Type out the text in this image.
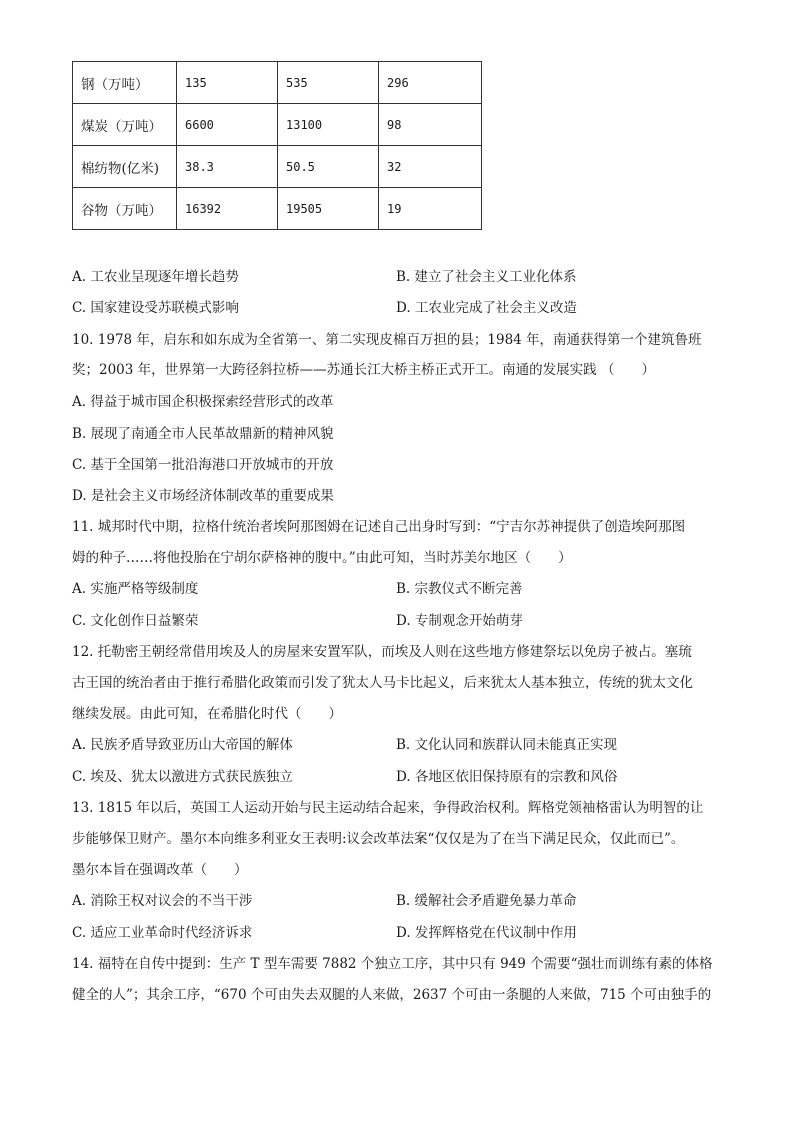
钢（万吨）	135	535	296
煤炭（万吨）	6600	13100	98
棉纺物(亿米)	38.3	50.5	32
谷物（万吨）	16392	19505	19
A. 工农业呈现逐年增长趋势	B. 建立了社会主义工业化体系
C. 国家建设受苏联模式影响	D. 工农业完成了社会主义改造
10. 1978 年，启东和如东成为全省第一、第二实现皮棉百万担的县；1984 年，南通获得第一个建筑鲁班
奖；2003 年，世界第一大跨径斜拉桥——苏通长江大桥主桥正式开工。南通的发展实践 （　　）
A. 得益于城市国企积极探索经营形式的改革
B. 展现了南通全市人民革故鼎新的精神风貌
C. 基于全国第一批沿海港口开放城市的开放
D. 是社会主义市场经济体制改革的重要成果
11. 城邦时代中期，拉格什统治者埃阿那图姆在记述自己出身时写到：“宁吉尔苏神提供了创造埃阿那图
姆的种子……将他投胎在宁胡尔萨格神的腹中。”由此可知，当时苏美尔地区（　　）
A. 实施严格等级制度	B. 宗教仪式不断完善
C. 文化创作日益繁荣	D. 专制观念开始萌芽
12. 托勒密王朝经常借用埃及人的房屋来安置军队，而埃及人则在这些地方修建祭坛以免房子被占。塞琉
古王国的统治者由于推行希腊化政策而引发了犹太人马卡比起义，后来犹太人基本独立，传统的犹太文化
继续发展。由此可知，在希腊化时代（　　）
A. 民族矛盾导致亚历山大帝国的解体	B. 文化认同和族群认同未能真正实现
C. 埃及、犹太以激进方式获民族独立	D. 各地区依旧保持原有的宗教和风俗
13. 1815 年以后，英国工人运动开始与民主运动结合起来，争得政治权利。辉格党领袖格雷认为明智的让
步能够保卫财产。墨尔本向维多利亚女王表明:议会改革法案“仅仅是为了在当下满足民众，仅此而已”。
墨尔本旨在强调改革（　　）
A. 消除王权对议会的不当干涉	B. 缓解社会矛盾避免暴力革命
C. 适应工业革命时代经济诉求	D. 发挥辉格党在代议制中作用
14. 福特在自传中提到：生产 T 型车需要 7882 个独立工序，其中只有 949 个需要“强壮而训练有素的体格
健全的人”；其余工序，“670 个可由失去双腿的人来做，2637 个可由一条腿的人来做，715 个可由独手的
